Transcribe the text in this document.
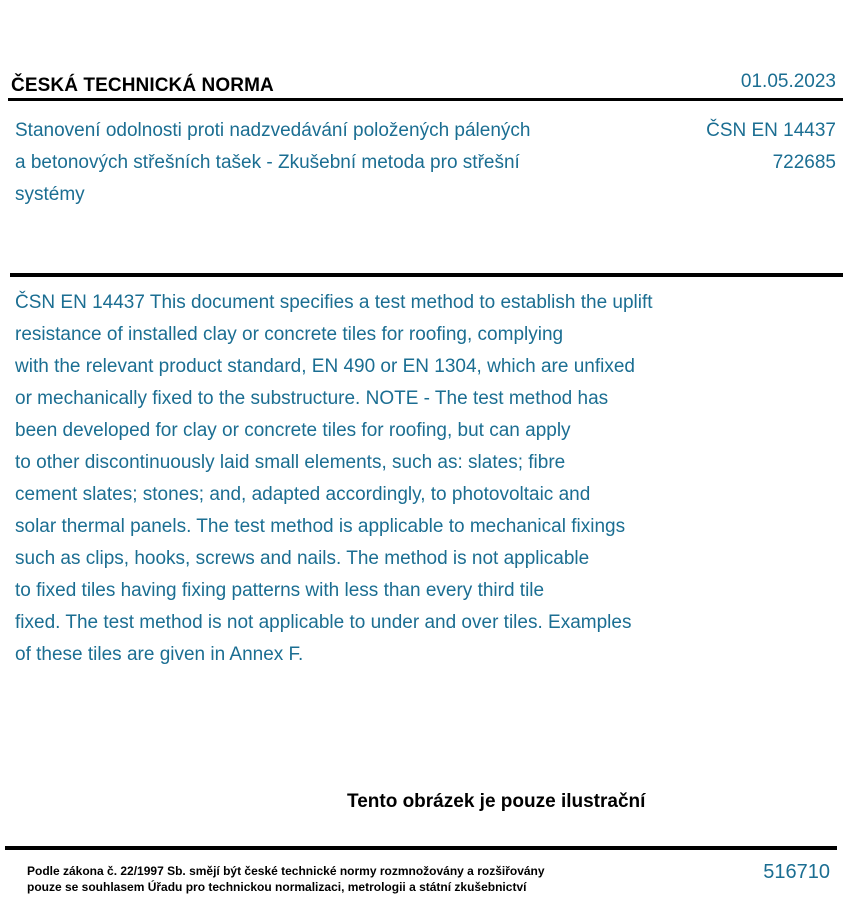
ČESKÁ TECHNICKÁ NORMA	01.05.2023
Stanovení odolnosti proti nadzvedávání položených pálených a betonových střešních tašek - Zkušební metoda pro střešní systémy
ČSN EN 14437
722685
ČSN EN 14437 This document specifies a test method to establish the uplift
resistance of installed clay or concrete tiles for roofing, complying
with the relevant product standard, EN 490 or EN 1304, which are unfixed
or mechanically fixed to the substructure. NOTE - The test method has
been developed for clay or concrete tiles for roofing, but can apply
to other discontinuously laid small elements, such as: slates; fibre
cement slates; stones; and, adapted accordingly, to photovoltaic and
solar thermal panels. The test method is applicable to mechanical fixings
such as clips, hooks, screws and nails. The method is not applicable
to fixed tiles having fixing patterns with less than every third tile
fixed. The test method is not applicable to under and over tiles. Examples
of these tiles are given in Annex F.
Tento obrázek je pouze ilustrační
Podle zákona č. 22/1997 Sb. smějí být české technické normy rozmnožovány a rozšiřovány
pouze se souhlasem Úřadu pro technickou normalizaci, metrologii a státní zkušebnictví
516710
